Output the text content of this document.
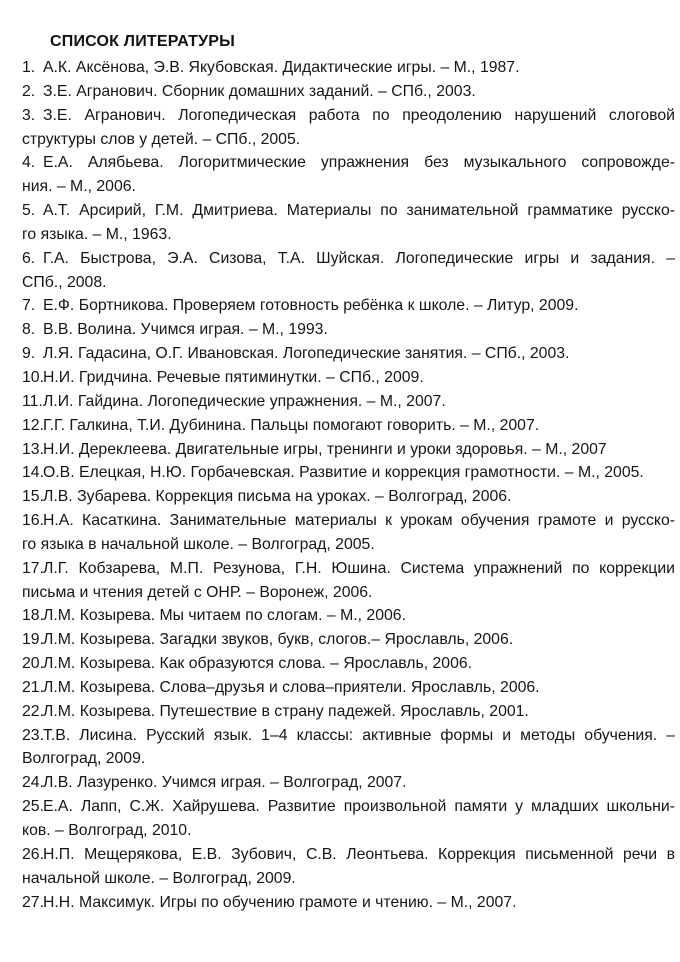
СПИСОК ЛИТЕРАТУРЫ
1. А.К. Аксёнова, Э.В. Якубовская. Дидактические игры. – М., 1987.
2. З.Е. Агранович. Сборник домашних заданий. – СПб., 2003.
3. З.Е. Агранович. Логопедическая работа по преодолению нарушений слоговой
структуры слов у детей. – СПб., 2005.
4. Е.А. Алябьева. Логоритмические упражнения без музыкального сопровожде-
ния. – М., 2006.
5. А.Т. Арсирий, Г.М. Дмитриева. Материалы по занимательной грамматике русско-
го языка. – М., 1963.
6. Г.А. Быстрова, Э.А. Сизова, Т.А. Шуйская. Логопедические игры и задания. –
СПб., 2008.
7. Е.Ф. Бортникова. Проверяем готовность ребёнка к школе. – Литур, 2009.
8. В.В. Волина. Учимся играя. – М., 1993.
9. Л.Я. Гадасина, О.Г. Ивановская. Логопедические занятия. – СПб., 2003.
10.Н.И. Гридчина. Речевые пятиминутки. – СПб., 2009.
11.Л.И. Гайдина. Логопедические упражнения. – М., 2007.
12.Г.Г. Галкина, Т.И. Дубинина. Пальцы помогают говорить. – М., 2007.
13.Н.И. Дереклеева. Двигательные игры, тренинги и уроки здоровья. – М., 2007
14.О.В. Елецкая, Н.Ю. Горбачевская. Развитие и коррекция грамотности. – М., 2005.
15.Л.В. Зубарева. Коррекция письма на уроках. – Волгоград, 2006.
16.Н.А. Касаткина. Занимательные материалы к урокам обучения грамоте и русско-
го языка в начальной школе. – Волгоград, 2005.
17.Л.Г. Кобзарева, М.П. Резунова, Г.Н. Юшина. Система упражнений по коррекции
письма и чтения детей с ОНР. – Воронеж, 2006.
18.Л.М. Козырева. Мы читаем по слогам. – М., 2006.
19.Л.М. Козырева. Загадки звуков, букв, слогов.– Ярославль, 2006.
20.Л.М. Козырева. Как образуются слова. – Ярославль, 2006.
21.Л.М. Козырева. Слова–друзья и слова–приятели. Ярославль, 2006.
22.Л.М. Козырева. Путешествие в страну падежей. Ярославль, 2001.
23.Т.В. Лисина. Русский язык. 1–4 классы: активные формы и методы обучения. –
Волгоград, 2009.
24.Л.В. Лазуренко. Учимся играя. – Волгоград, 2007.
25.Е.А. Лапп, С.Ж. Хайрушева. Развитие произвольной памяти у младших школьни-
ков. – Волгоград, 2010.
26.Н.П. Мещерякова, Е.В. Зубович, С.В. Леонтьева. Коррекция письменной речи в
начальной школе. – Волгоград, 2009.
27.Н.Н. Максимук. Игры по обучению грамоте и чтению. – М., 2007.
